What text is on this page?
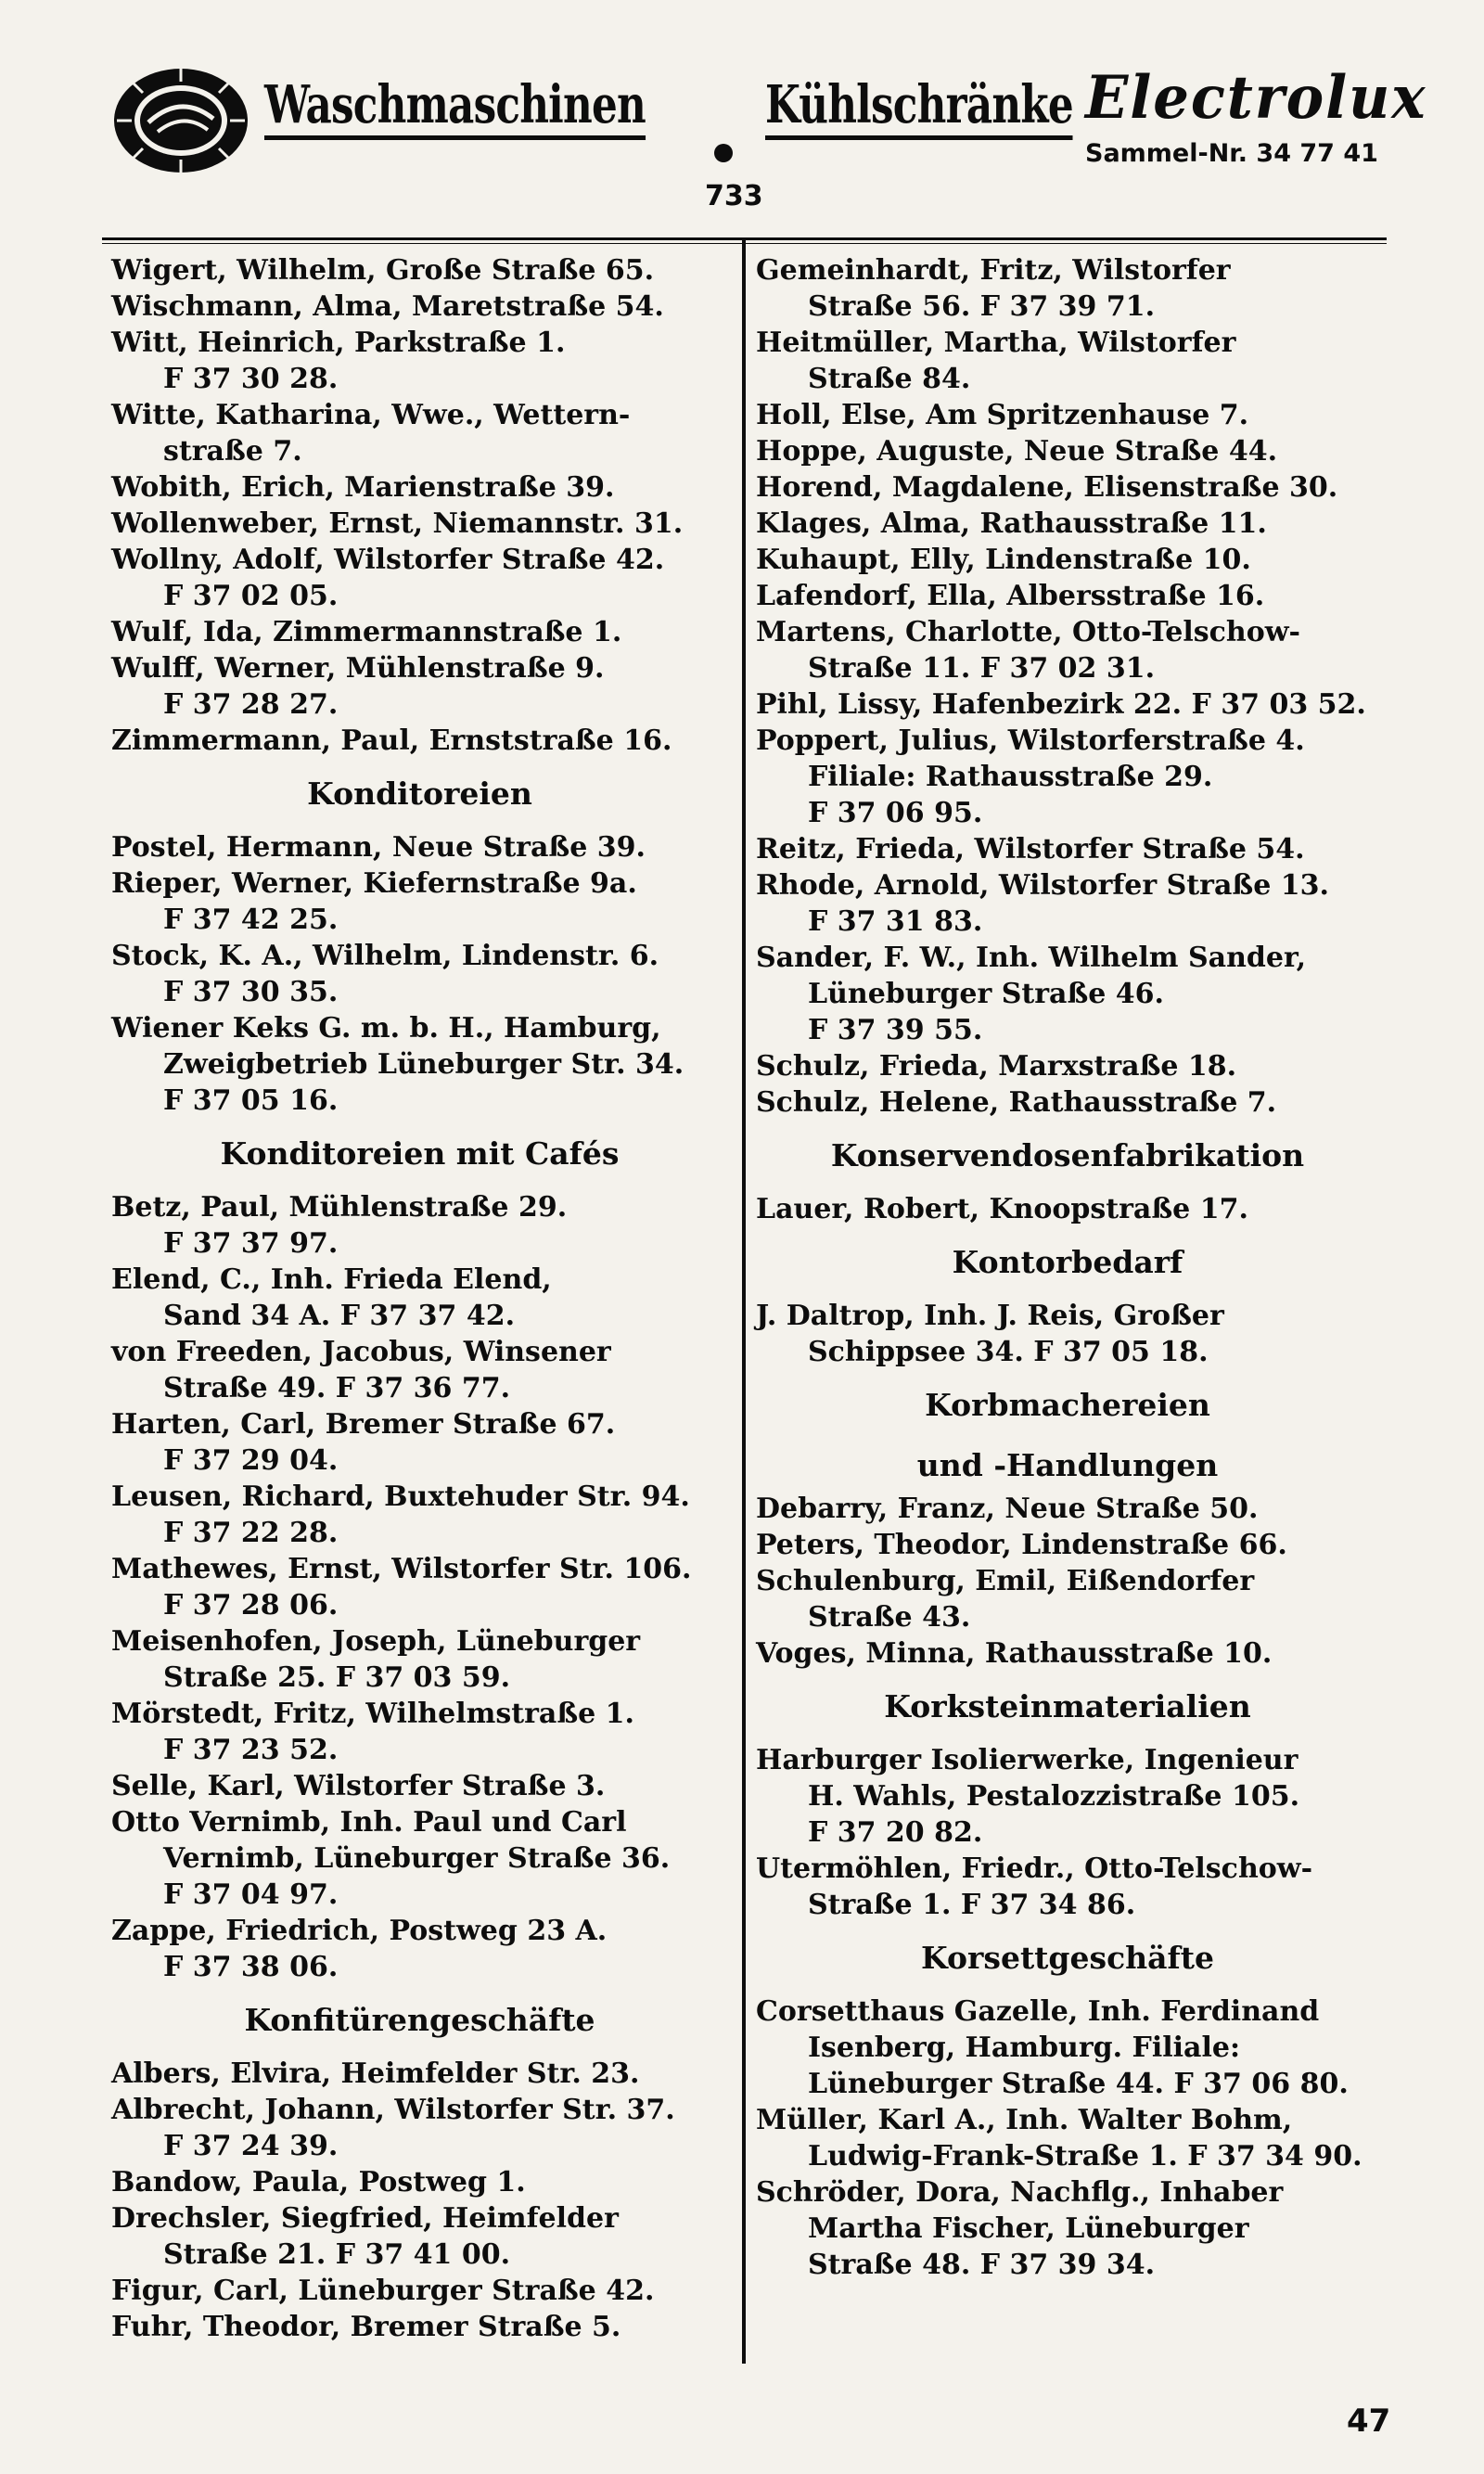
Waschmaschinen Kühlschränke Electrolux
Sammel-Nr. 34 77 41
733
Wigert, Wilhelm, Große Straße 65.
Wischmann, Alma, Maretstraße 54.
Witt, Heinrich, Parkstraße 1.
F 37 30 28.
Witte, Katharina, Wwe., Wettern-
straße 7.
Wobith, Erich, Marienstraße 39.
Wollenweber, Ernst, Niemannstr. 31.
Wollny, Adolf, Wilstorfer Straße 42.
F 37 02 05.
Wulf, Ida, Zimmermannstraße 1.
Wulff, Werner, Mühlenstraße 9.
F 37 28 27.
Zimmermann, Paul, Ernststraße 16.
Konditoreien
Postel, Hermann, Neue Straße 39.
Rieper, Werner, Kiefernstraße 9a.
F 37 42 25.
Stock, K. A., Wilhelm, Lindenstr. 6.
F 37 30 35.
Wiener Keks G. m. b. H., Hamburg,
Zweigbetrieb Lüneburger Str. 34.
F 37 05 16.
Konditoreien mit Cafés
Betz, Paul, Mühlenstraße 29.
F 37 37 97.
Elend, C., Inh. Frieda Elend,
Sand 34 A. F 37 37 42.
von Freeden, Jacobus, Winsener
Straße 49. F 37 36 77.
Harten, Carl, Bremer Straße 67.
F 37 29 04.
Leusen, Richard, Buxtehuder Str. 94.
F 37 22 28.
Mathewes, Ernst, Wilstorfer Str. 106.
F 37 28 06.
Meisenhofen, Joseph, Lüneburger
Straße 25. F 37 03 59.
Mörstedt, Fritz, Wilhelmstraße 1.
F 37 23 52.
Selle, Karl, Wilstorfer Straße 3.
Otto Vernimb, Inh. Paul und Carl
Vernimb, Lüneburger Straße 36.
F 37 04 97.
Zappe, Friedrich, Postweg 23 A.
F 37 38 06.
Konfitürengeschäfte
Albers, Elvira, Heimfelder Str. 23.
Albrecht, Johann, Wilstorfer Str. 37.
F 37 24 39.
Bandow, Paula, Postweg 1.
Drechsler, Siegfried, Heimfelder
Straße 21. F 37 41 00.
Figur, Carl, Lüneburger Straße 42.
Fuhr, Theodor, Bremer Straße 5.
Gemeinhardt, Fritz, Wilstorfer
Straße 56. F 37 39 71.
Heitmüller, Martha, Wilstorfer
Straße 84.
Holl, Else, Am Spritzenhause 7.
Hoppe, Auguste, Neue Straße 44.
Horend, Magdalene, Elisenstraße 30.
Klages, Alma, Rathausstraße 11.
Kuhaupt, Elly, Lindenstraße 10.
Lafendorf, Ella, Albersstraße 16.
Martens, Charlotte, Otto-Telschow-
Straße 11. F 37 02 31.
Pihl, Lissy, Hafenbezirk 22. F 37 03 52.
Poppert, Julius, Wilstorferstraße 4.
Filiale: Rathausstraße 29.
F 37 06 95.
Reitz, Frieda, Wilstorfer Straße 54.
Rhode, Arnold, Wilstorfer Straße 13.
F 37 31 83.
Sander, F. W., Inh. Wilhelm Sander,
Lüneburger Straße 46.
F 37 39 55.
Schulz, Frieda, Marxstraße 18.
Schulz, Helene, Rathausstraße 7.
Konservendosenfabrikation
Lauer, Robert, Knoopstraße 17.
Kontorbedarf
J. Daltrop, Inh. J. Reis, Großer
Schippsee 34. F 37 05 18.
Korbmachereien
und -Handlungen
Debarry, Franz, Neue Straße 50.
Peters, Theodor, Lindenstraße 66.
Schulenburg, Emil, Eißendorfer
Straße 43.
Voges, Minna, Rathausstraße 10.
Korksteinmaterialien
Harburger Isolierwerke, Ingenieur
H. Wahls, Pestalozzistraße 105.
F 37 20 82.
Utermöhlen, Friedr., Otto-Telschow-
Straße 1. F 37 34 86.
Korsettgeschäfte
Corsetthaus Gazelle, Inh. Ferdinand
Isenberg, Hamburg. Filiale:
Lüneburger Straße 44. F 37 06 80.
Müller, Karl A., Inh. Walter Bohm,
Ludwig-Frank-Straße 1. F 37 34 90.
Schröder, Dora, Nachflg., Inhaber
Martha Fischer, Lüneburger
Straße 48. F 37 39 34.
47
